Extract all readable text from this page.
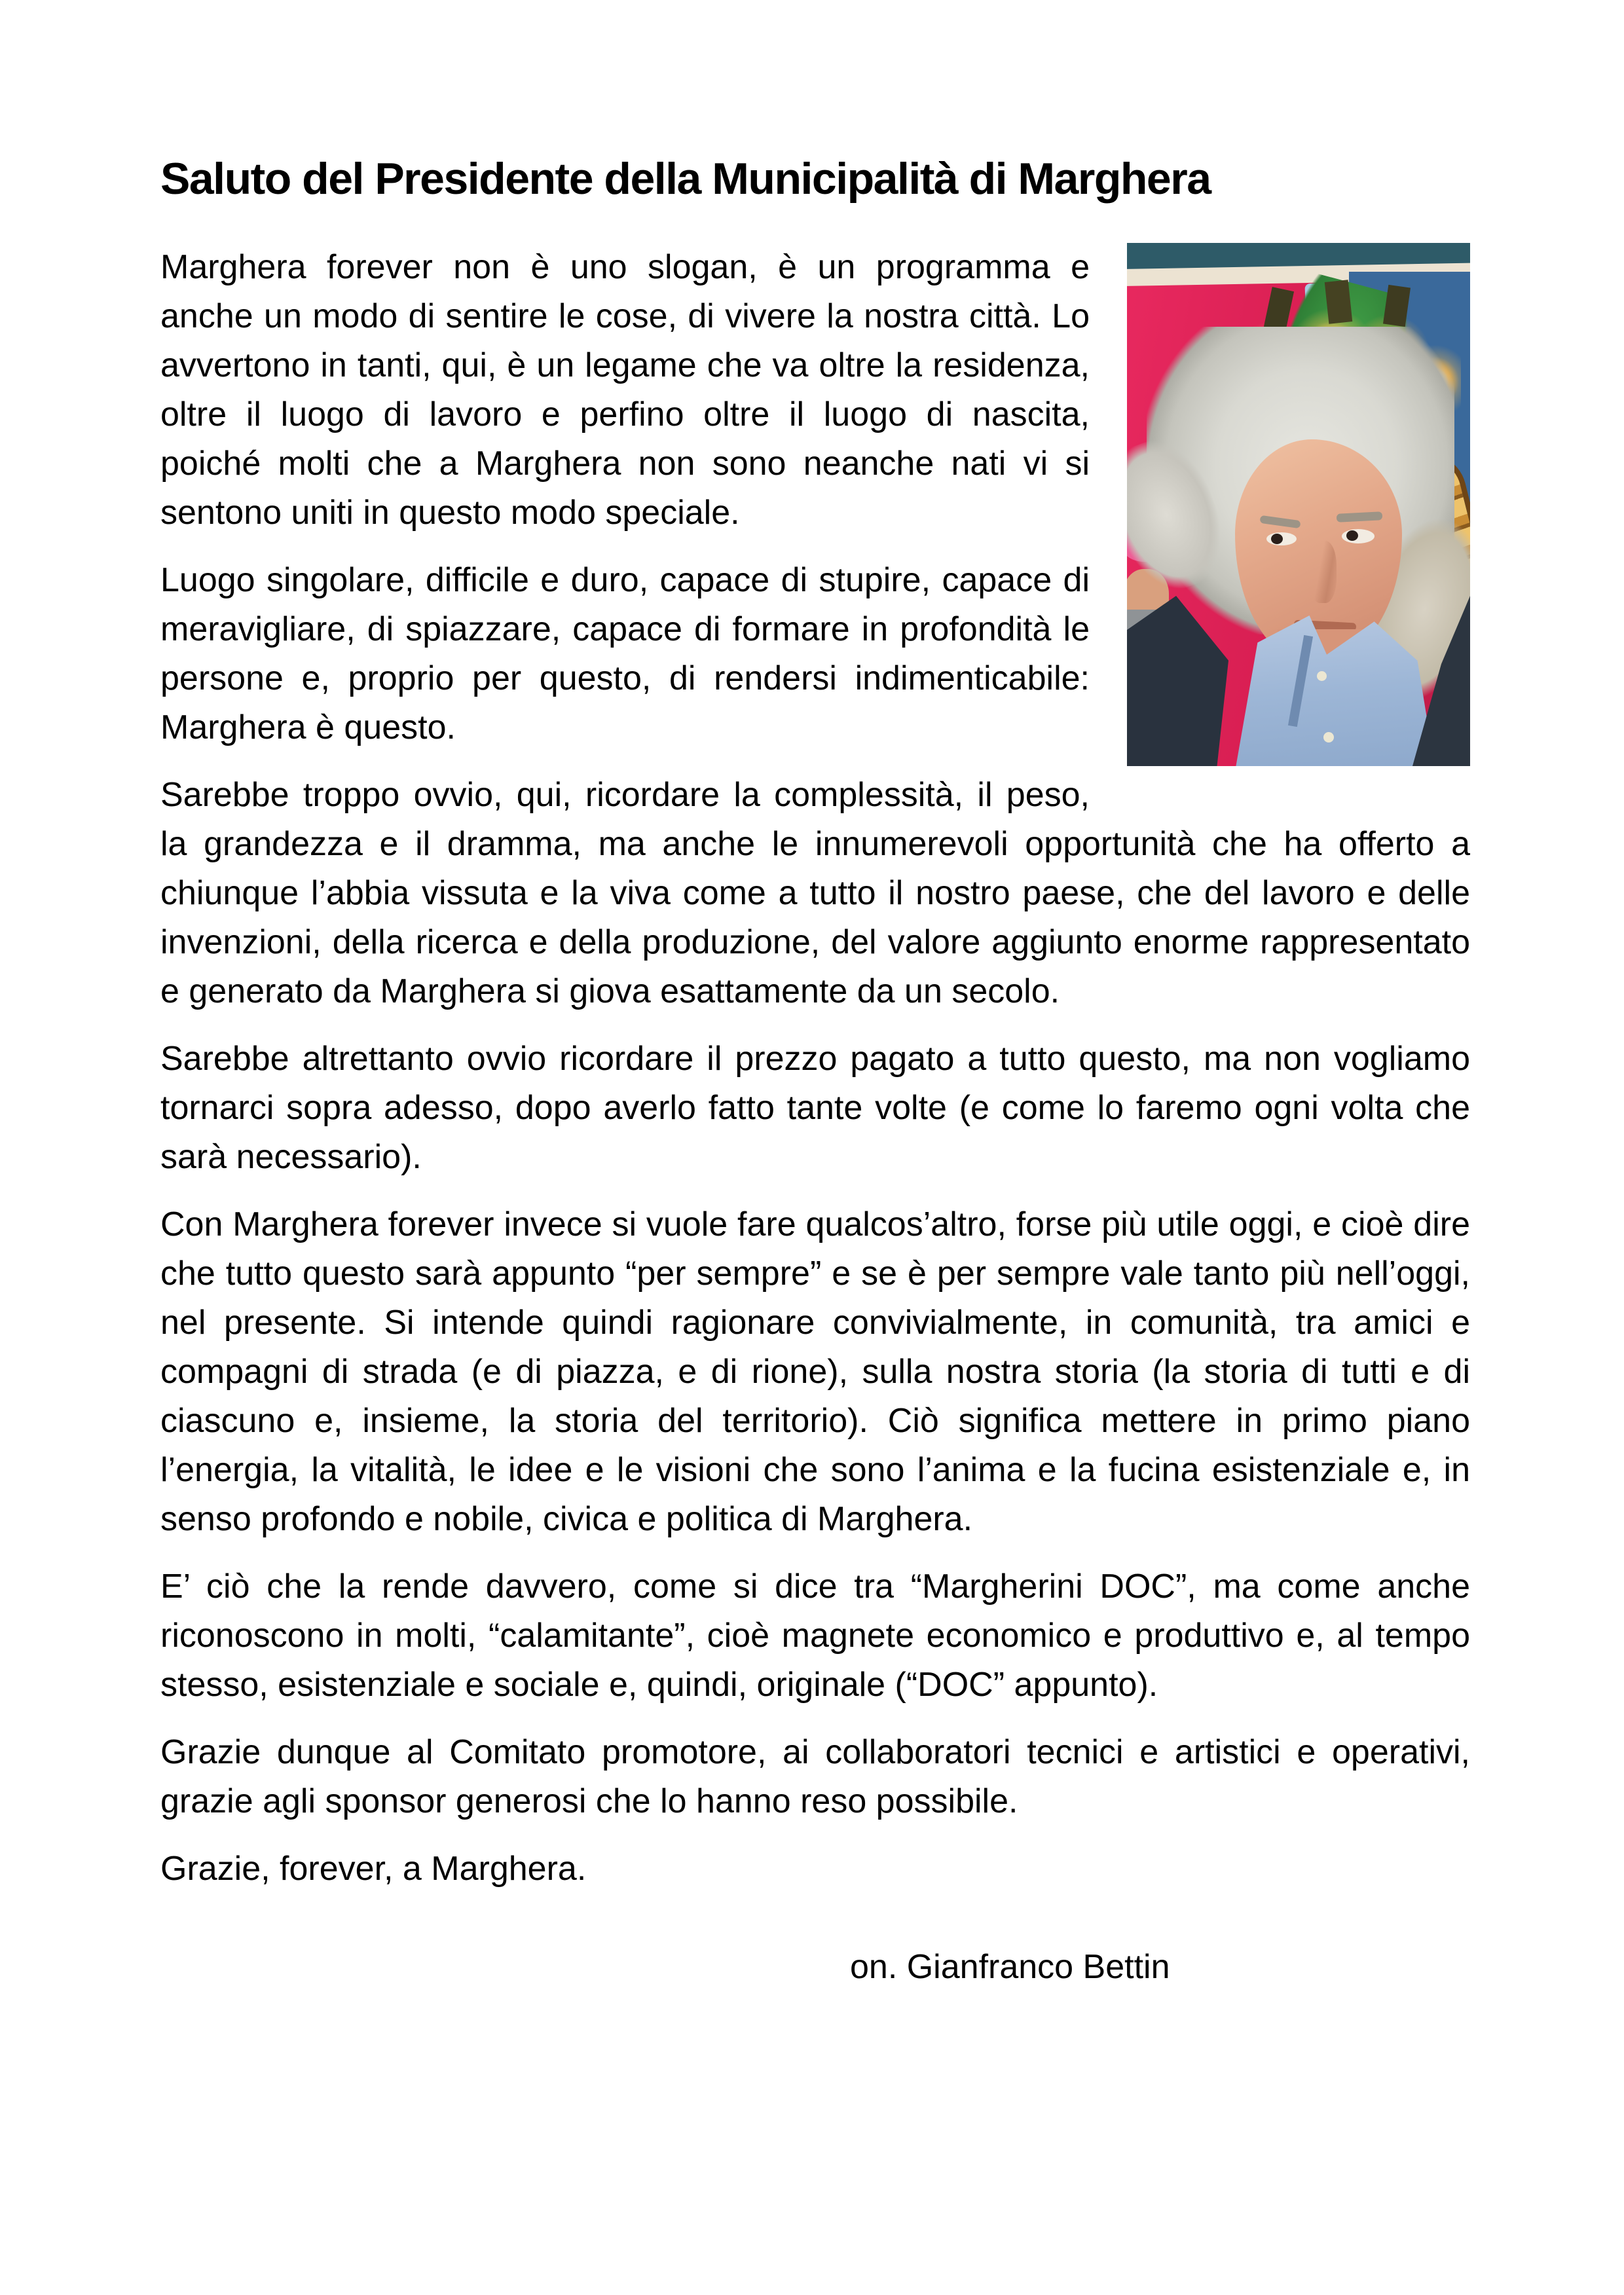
Saluto del Presidente della Municipalità di Marghera

Marghera forever non è uno slogan, è un programma e anche un modo di sentire le cose, di vivere la nostra città. Lo avvertono in tanti, qui, è un legame che va oltre la residenza, oltre il luogo di lavoro e perfino oltre il luogo di nascita, poiché molti che a Marghera non sono neanche nati vi si sentono uniti in questo modo speciale.

Luogo singolare, difficile e duro, capace di stupire, capace di meravigliare, di spiazzare, capace di formare in profondità le persone e, proprio per questo, di rendersi indimenticabile: Marghera è questo.

Sarebbe troppo ovvio, qui, ricordare la complessità, il peso, la grandezza e il dramma, ma anche le innumerevoli opportunità che ha offerto a chiunque l’abbia vissuta e la viva come a tutto il nostro paese, che del lavoro e delle invenzioni, della ricerca e della produzione, del valore aggiunto enorme rappresentato e generato da Marghera si giova esattamente da un secolo.

Sarebbe altrettanto ovvio ricordare il prezzo pagato a tutto questo, ma non vogliamo tornarci sopra adesso, dopo averlo fatto tante volte (e come lo faremo ogni volta che sarà necessario).

Con Marghera forever invece si vuole fare qualcos’altro, forse più utile oggi, e cioè dire che tutto questo sarà appunto “per sempre” e se è per sempre vale tanto più nell’oggi, nel presente. Si intende quindi ragionare convivialmente, in comunità, tra amici e compagni di strada (e di piazza, e di rione), sulla nostra storia (la storia di tutti e di ciascuno e, insieme, la storia del territorio). Ciò significa mettere in primo piano l’energia, la vitalità, le idee e le visioni che sono l’anima e la fucina esistenziale e, in senso profondo e nobile, civica e politica di Marghera.

E’ ciò che la rende davvero, come si dice tra “Margherini DOC”, ma come anche riconoscono in molti, “calamitante”, cioè magnete economico e produttivo e, al tempo stesso, esistenziale e sociale e, quindi, originale (“DOC” appunto).

Grazie dunque al Comitato promotore, ai collaboratori tecnici e artistici e operativi, grazie agli sponsor generosi che lo hanno reso possibile.

Grazie, forever, a Marghera.

on. Gianfranco Bettin
